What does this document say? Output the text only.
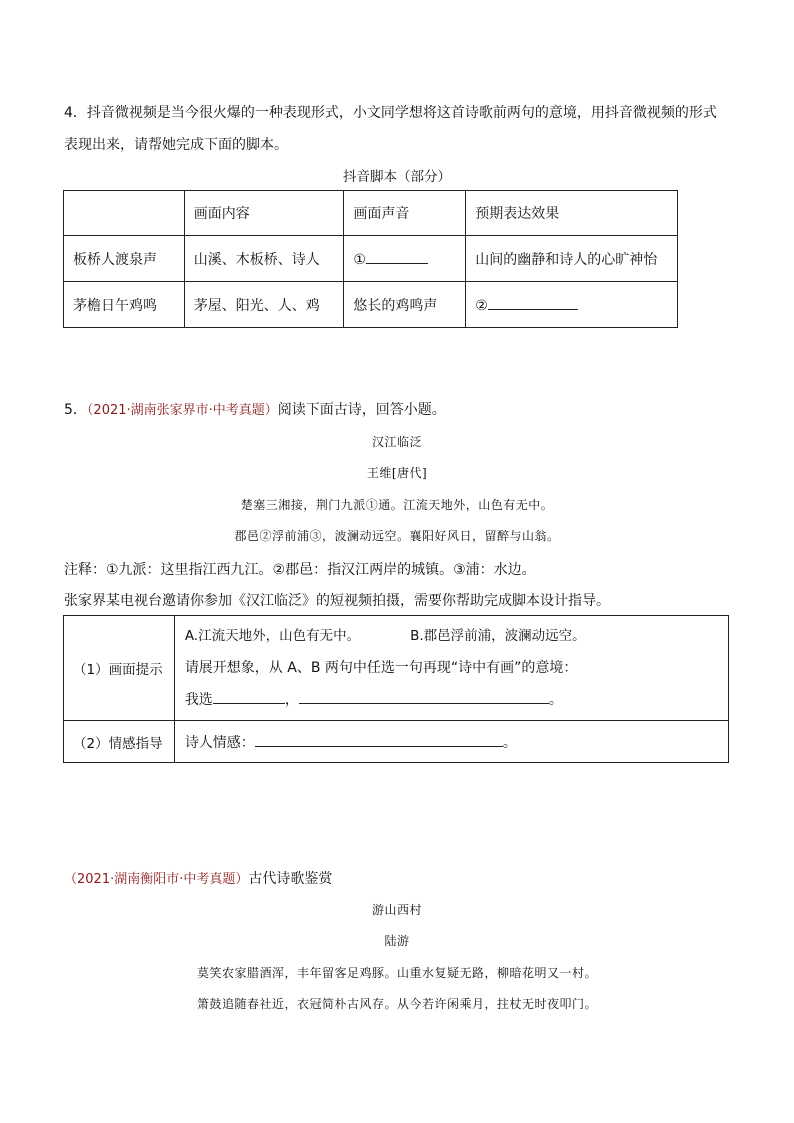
4．抖音微视频是当今很火爆的一种表现形式，小文同学想将这首诗歌前两句的意境，用抖音微视频的形式
表现出来，请帮她完成下面的脚本。
抖音脚本（部分）
	画面内容	画面声音	预期表达效果
板桥人渡泉声	山溪、木板桥、诗人	①	山间的幽静和诗人的心旷神怡
茅檐日午鸡鸣	茅屋、阳光、人、鸡	悠长的鸡鸣声	②
5．（2021·湖南张家界市·中考真题）阅读下面古诗，回答小题。
汉江临泛
王维[唐代]
楚塞三湘接，荆门九派①通。江流天地外，山色有无中。
郡邑②浮前浦③，波澜动远空。襄阳好风日，留醉与山翁。
注释：①九派：这里指江西九江。②郡邑：指汉江两岸的城镇。③浦：水边。
张家界某电视台邀请你参加《汉江临泛》的短视频拍摄，需要你帮助完成脚本设计指导。
（1）画面提示	A.江流天地外，山色有无中。 B.郡邑浮前浦，波澜动远空。
请展开想象，从 A、B 两句中任选一句再现“诗中有画”的意境：
我选 ， 。

（2）情感指导	诗人情感： 。
（2021·湖南衡阳市·中考真题）古代诗歌鉴赏
游山西村
陆游
莫笑农家腊酒浑，丰年留客足鸡豚。山重水复疑无路，柳暗花明又一村。
箫鼓追随春社近，衣冠简朴古风存。从今若许闲乘月，拄杖无时夜叩门。
